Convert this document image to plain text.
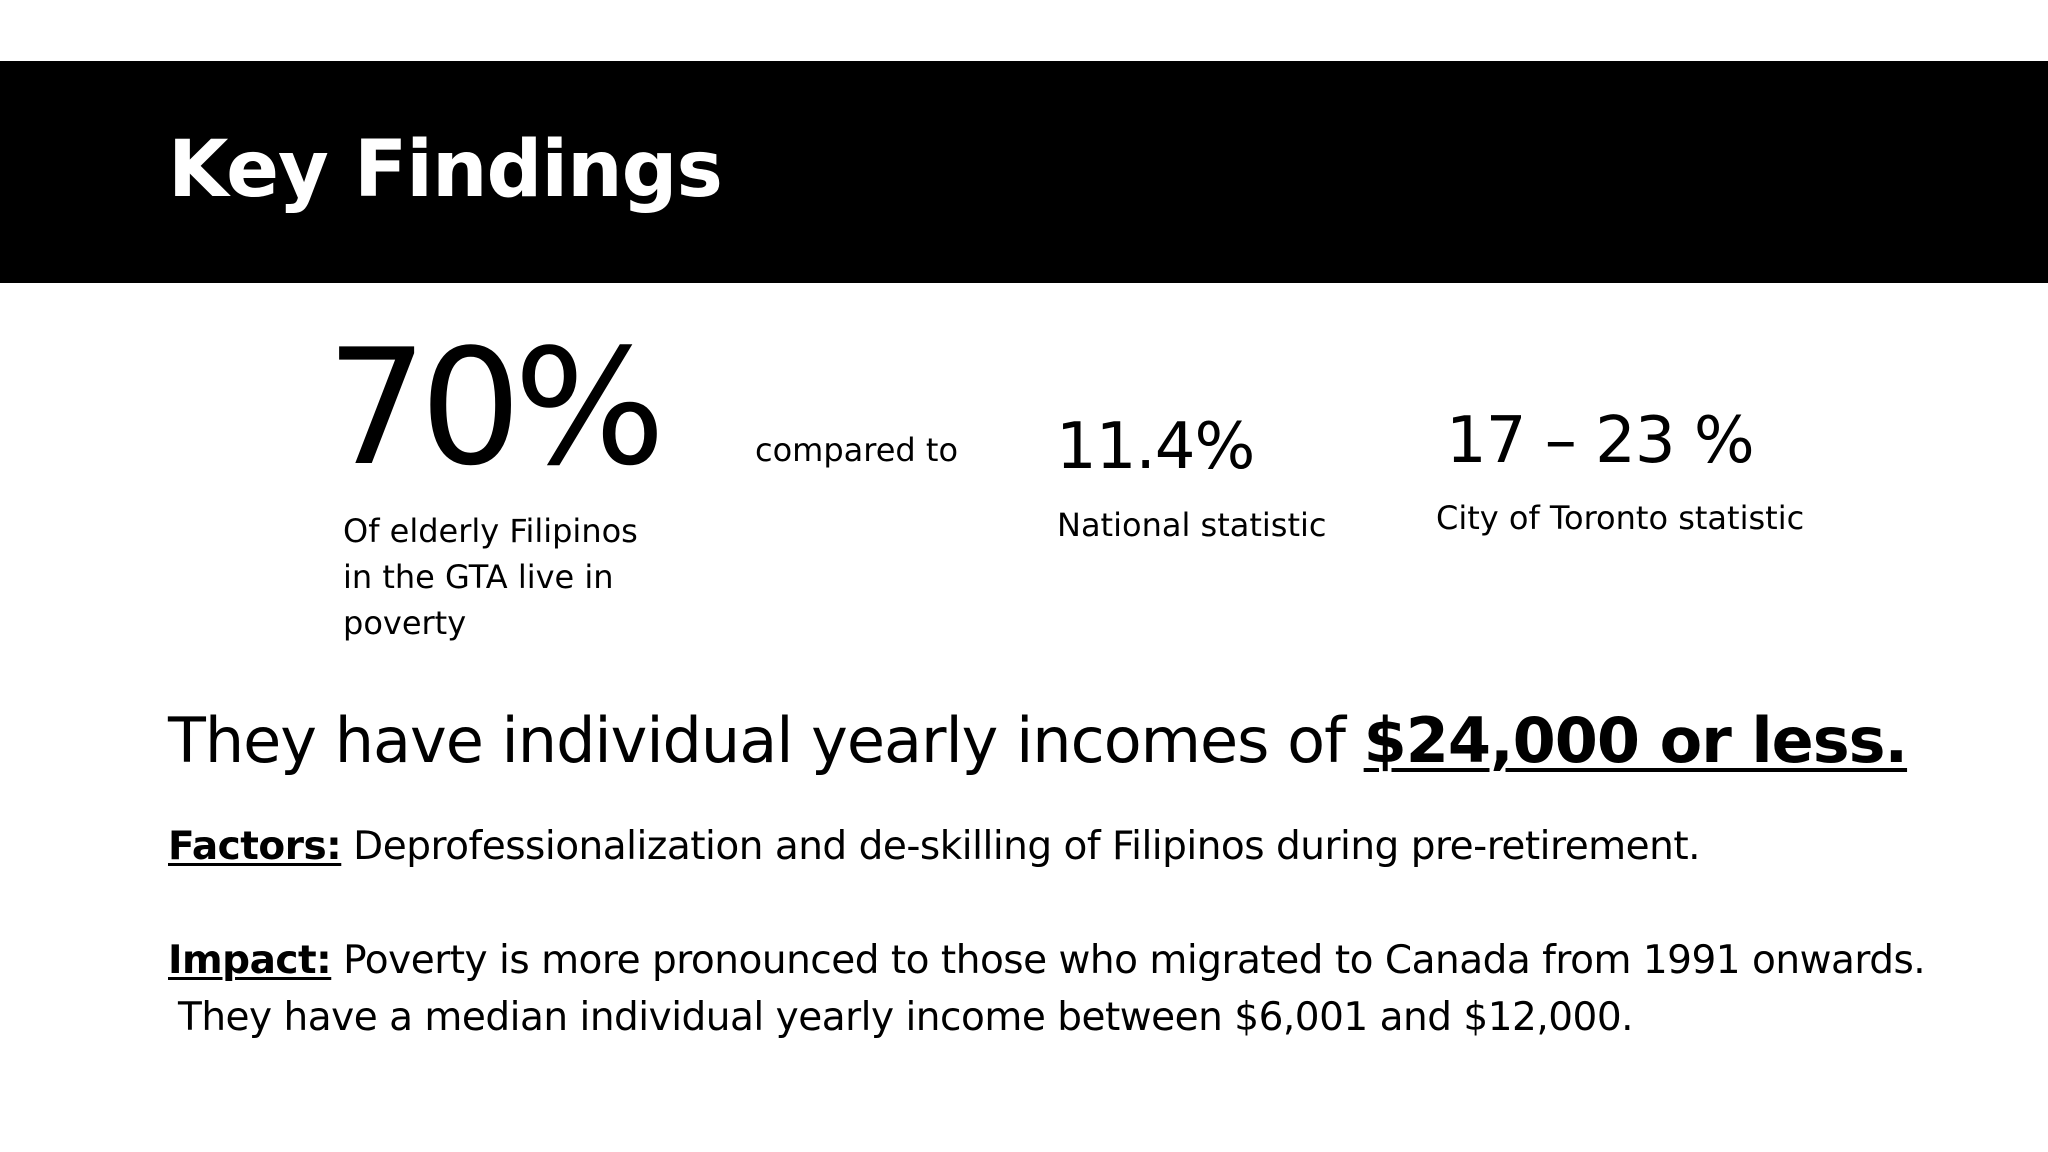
Key Findings
70%
Of elderly Filipinos
in the GTA live in
poverty
compared to 11.4%
National statistic
17 – 23 %
City of Toronto statistic
They have individual yearly incomes of $24,000 or less.
Factors: Deprofessionalization and de-skilling of Filipinos during pre-retirement.
Impact: Poverty is more pronounced to those who migrated to Canada from 1991 onwards.
They have a median individual yearly income between $6,001 and $12,000.
